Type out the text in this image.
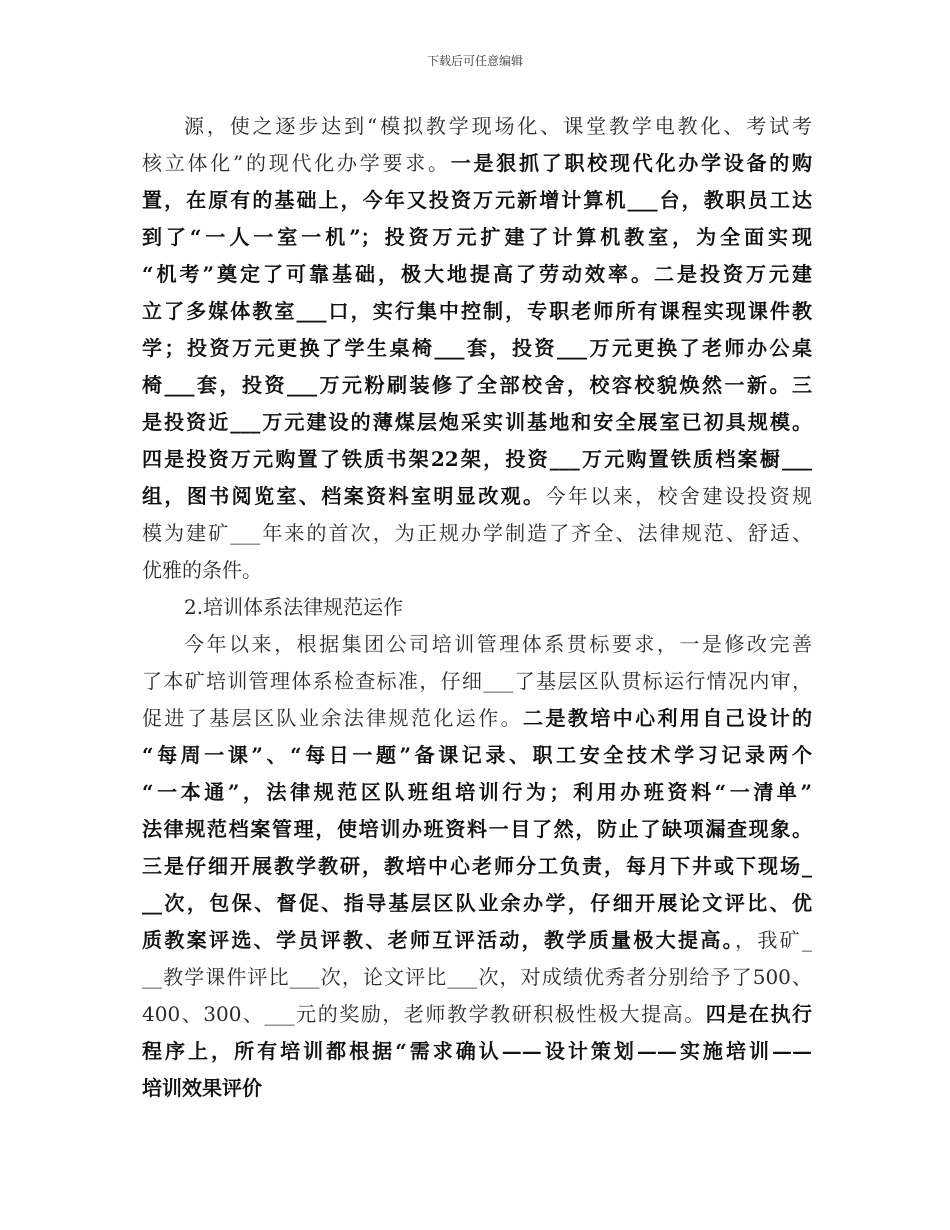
下载后可任意编辑
源，使之逐步达到“模拟教学现场化、课堂教学电教化、考试考
核立体化”的现代化办学要求。一是狠抓了职校现代化办学设备的购
置，在原有的基础上，今年又投资万元新增计算机___台，教职员工达
到了“一人一室一机”；投资万元扩建了计算机教室，为全面实现
“机考”奠定了可靠基础，极大地提高了劳动效率。二是投资万元建
立了多媒体教室___口，实行集中控制，专职老师所有课程实现课件教
学；投资万元更换了学生桌椅___套，投资___万元更换了老师办公桌
椅___套，投资___万元粉刷装修了全部校舍，校容校貌焕然一新。三
是投资近___万元建设的薄煤层炮采实训基地和安全展室已初具规模。
四是投资万元购置了铁质书架22架，投资___万元购置铁质档案橱___
组，图书阅览室、档案资料室明显改观。今年以来，校舍建设投资规
模为建矿___年来的首次，为正规办学制造了齐全、法律规范、舒适、
优雅的条件。
2.培训体系法律规范运作
今年以来，根据集团公司培训管理体系贯标要求，一是修改完善
了本矿培训管理体系检查标准，仔细___了基层区队贯标运行情况内审，
促进了基层区队业余法律规范化运作。二是教培中心利用自己设计的
“每周一课”、“每日一题”备课记录、职工安全技术学习记录两个
“一本通”，法律规范区队班组培训行为；利用办班资料“一清单”
法律规范档案管理，使培训办班资料一目了然，防止了缺项漏查现象。
三是仔细开展教学教研，教培中心老师分工负责，每月下井或下现场_
__次，包保、督促、指导基层区队业余办学，仔细开展论文评比、优
质教案评选、学员评教、老师互评活动，教学质量极大提高。，我矿_
__教学课件评比___次，论文评比___次，对成绩优秀者分别给予了500、
400、300、___元的奖励，老师教学教研积极性极大提高。四是在执行
程序上，所有培训都根据“需求确认——设计策划——实施培训——
培训效果评价
